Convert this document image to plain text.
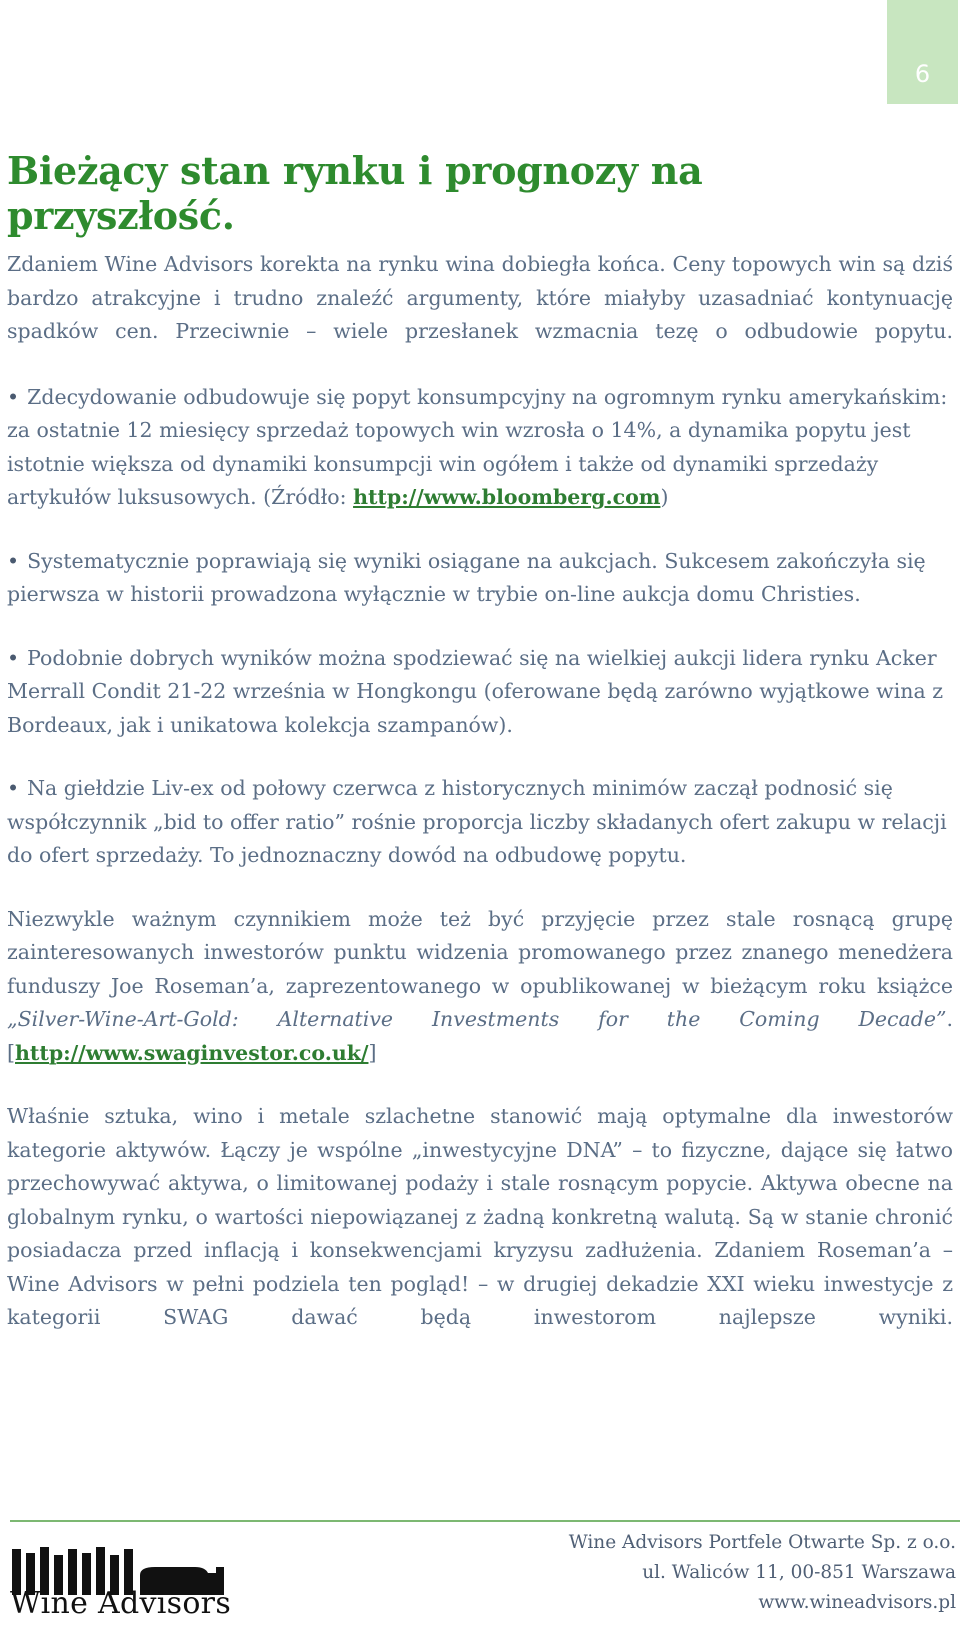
6
Bieżący stan rynku i prognozy na przyszłość.

Zdaniem Wine Advisors korekta na rynku wina dobiegła końca. Ceny topowych win są dziś bardzo atrakcyjne i trudno znaleźć argumenty, które miałyby uzasadniać kontynuację spadków cen. Przeciwnie – wiele przesłanek wzmacnia tezę o odbudowie popytu.

• Zdecydowanie odbudowuje się popyt konsumpcyjny na ogromnym rynku amerykańskim: za ostatnie 12 miesięcy sprzedaż topowych win wzrosła o 14%, a dynamika popytu jest istotnie większa od dynamiki konsumpcji win ogółem i także od dynamiki sprzedaży artykułów luksusowych. (Źródło: http://www.bloomberg.com)

• Systematycznie poprawiają się wyniki osiągane na aukcjach. Sukcesem zakończyła się pierwsza w historii prowadzona wyłącznie w trybie on-line aukcja domu Christies.

• Podobnie dobrych wyników można spodziewać się na wielkiej aukcji lidera rynku Acker Merrall Condit 21-22 września w Hongkongu (oferowane będą zarówno wyjątkowe wina z Bordeaux, jak i unikatowa kolekcja szampanów).

• Na giełdzie Liv-ex od połowy czerwca z historycznych minimów zaczął podnosić się współczynnik „bid to offer ratio” rośnie proporcja liczby składanych ofert zakupu w relacji do ofert sprzedaży. To jednoznaczny dowód na odbudowę popytu.

Niezwykle ważnym czynnikiem może też być przyjęcie przez stale rosnącą grupę zainteresowanych inwestorów punktu widzenia promowanego przez znanego menedżera funduszy Joe Roseman’a, zaprezentowanego w opublikowanej w bieżącym roku książce „Silver-Wine-Art-Gold: Alternative Investments for the Coming Decade”. [http://www.swaginvestor.co.uk/]

Właśnie sztuka, wino i metale szlachetne stanowić mają optymalne dla inwestorów kategorie aktywów. Łączy je wspólne „inwestycyjne DNA” – to fizyczne, dające się łatwo przechowywać aktywa, o limitowanej podaży i stale rosnącym popycie. Aktywa obecne na globalnym rynku, o wartości niepowiązanej z żadną konkretną walutą. Są w stanie chronić posiadacza przed inflacją i konsekwencjami kryzysu zadłużenia. Zdaniem Roseman’a – Wine Advisors w pełni podziela ten pogląd! – w drugiej dekadzie XXI wieku inwestycje z kategorii SWAG dawać będą inwestorom najlepsze wyniki.

Wine Advisors
Wine Advisors Portfele Otwarte Sp. z o.o.
ul. Waliców 11, 00-851 Warszawa
www.wineadvisors.pl
